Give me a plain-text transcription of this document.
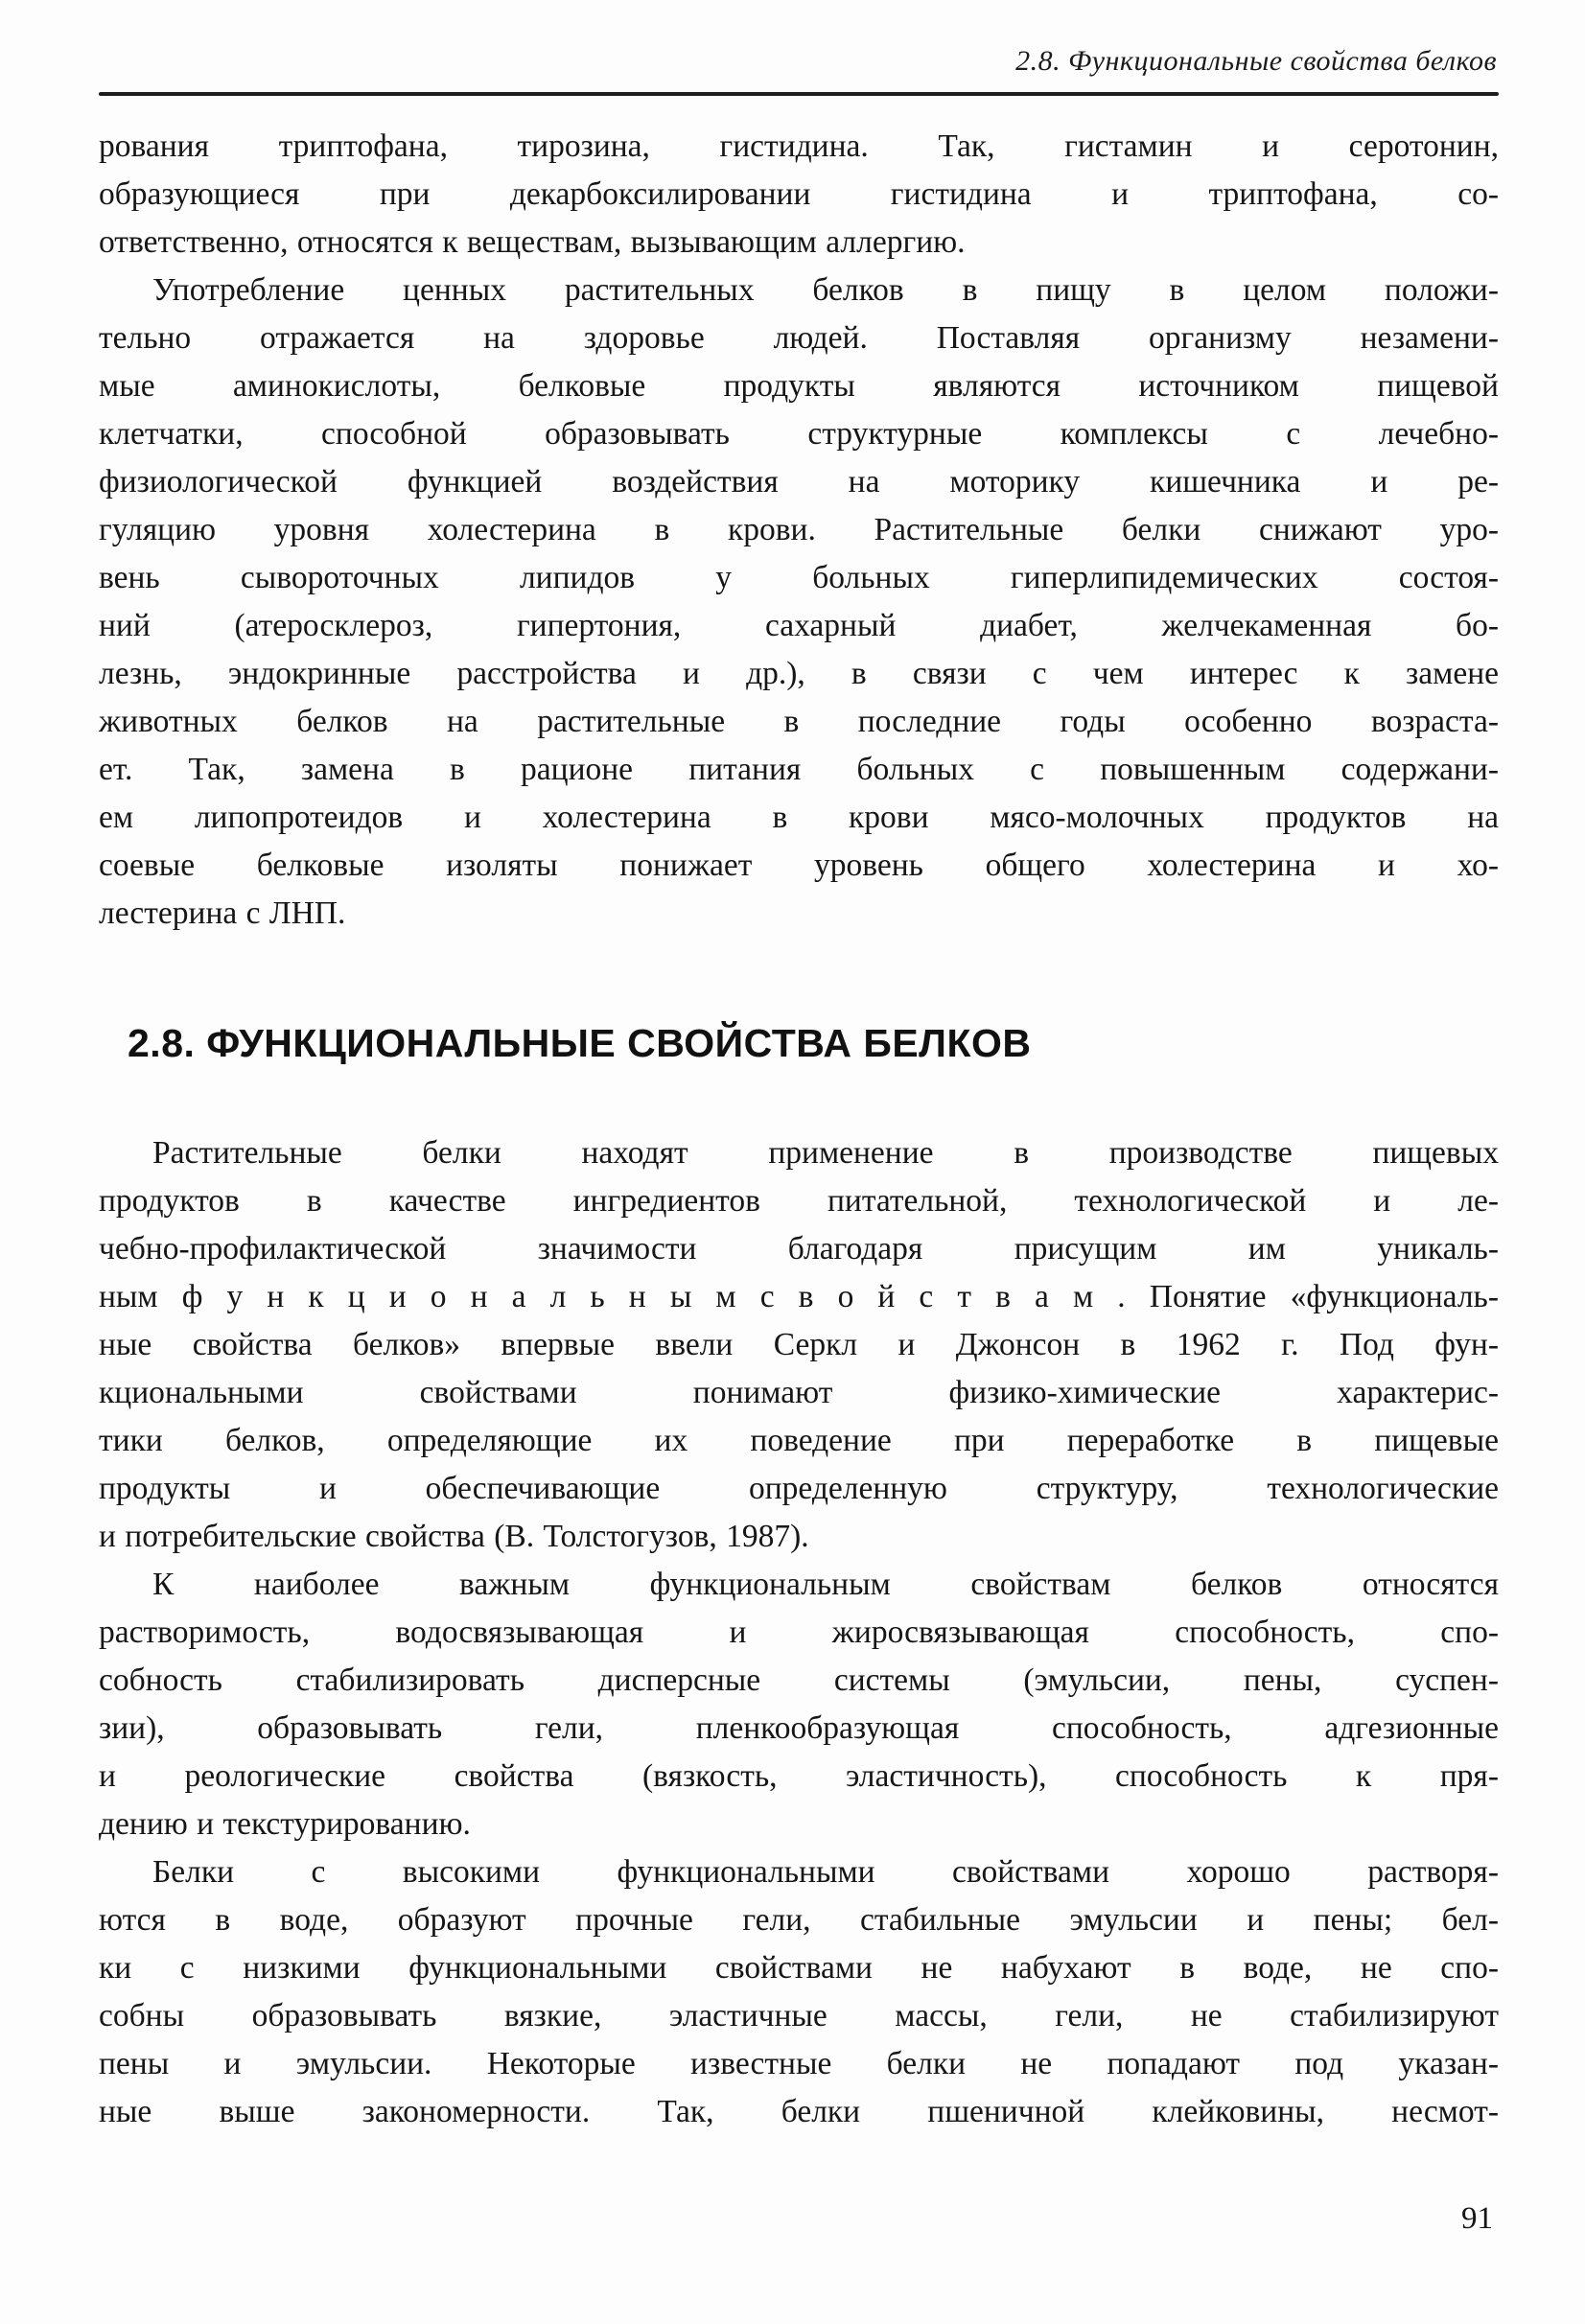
2.8. Функциональные свойства белков
рования триптофана, тирозина, гистидина. Так, гистамин и серотонин,
образующиеся при декарбоксилировании гистидина и триптофана, со-
ответственно, относятся к веществам, вызывающим аллергию.
Употребление ценных растительных белков в пищу в целом положи-
тельно отражается на здоровье людей. Поставляя организму незамени-
мые аминокислоты, белковые продукты являются источником пищевой
клетчатки, способной образовывать структурные комплексы с лечебно-
физиологической функцией воздействия на моторику кишечника и ре-
гуляцию уровня холестерина в крови. Растительные белки снижают уро-
вень сывороточных липидов у больных гиперлипидемических состоя-
ний (атеросклероз, гипертония, сахарный диабет, желчекаменная бо-
лезнь, эндокринные расстройства и др.), в связи с чем интерес к замене
животных белков на растительные в последние годы особенно возраста-
ет. Так, замена в рационе питания больных с повышенным содержани-
ем липопротеидов и холестерина в крови мясо-молочных продуктов на
соевые белковые изоляты понижает уровень общего холестерина и хо-
лестерина с ЛНП.
2.8. ФУНКЦИОНАЛЬНЫЕ СВОЙСТВА БЕЛКОВ
Растительные белки находят применение в производстве пищевых
продуктов в качестве ингредиентов питательной, технологической и ле-
чебно-профилактической значимости благодаря присущим им уникаль-
ным ф у н к ц и о н а л ь н ы м с в о й с т в а м . Понятие «функциональ-
ные свойства белков» впервые ввели Серкл и Джонсон в 1962 г. Под фун-
кциональными свойствами понимают физико-химические характерис-
тики белков, определяющие их поведение при переработке в пищевые
продукты и обеспечивающие определенную структуру, технологические
и потребительские свойства (В. Толстогузов, 1987).
К наиболее важным функциональным свойствам белков относятся
растворимость, водосвязывающая и жиросвязывающая способность, спо-
собность стабилизировать дисперсные системы (эмульсии, пены, суспен-
зии), образовывать гели, пленкообразующая способность, адгезионные
и реологические свойства (вязкость, эластичность), способность к пря-
дению и текстурированию.
Белки с высокими функциональными свойствами хорошо растворя-
ются в воде, образуют прочные гели, стабильные эмульсии и пены; бел-
ки с низкими функциональными свойствами не набухают в воде, не спо-
собны образовывать вязкие, эластичные массы, гели, не стабилизируют
пены и эмульсии. Некоторые известные белки не попадают под указан-
ные выше закономерности. Так, белки пшеничной клейковины, несмот-
91
